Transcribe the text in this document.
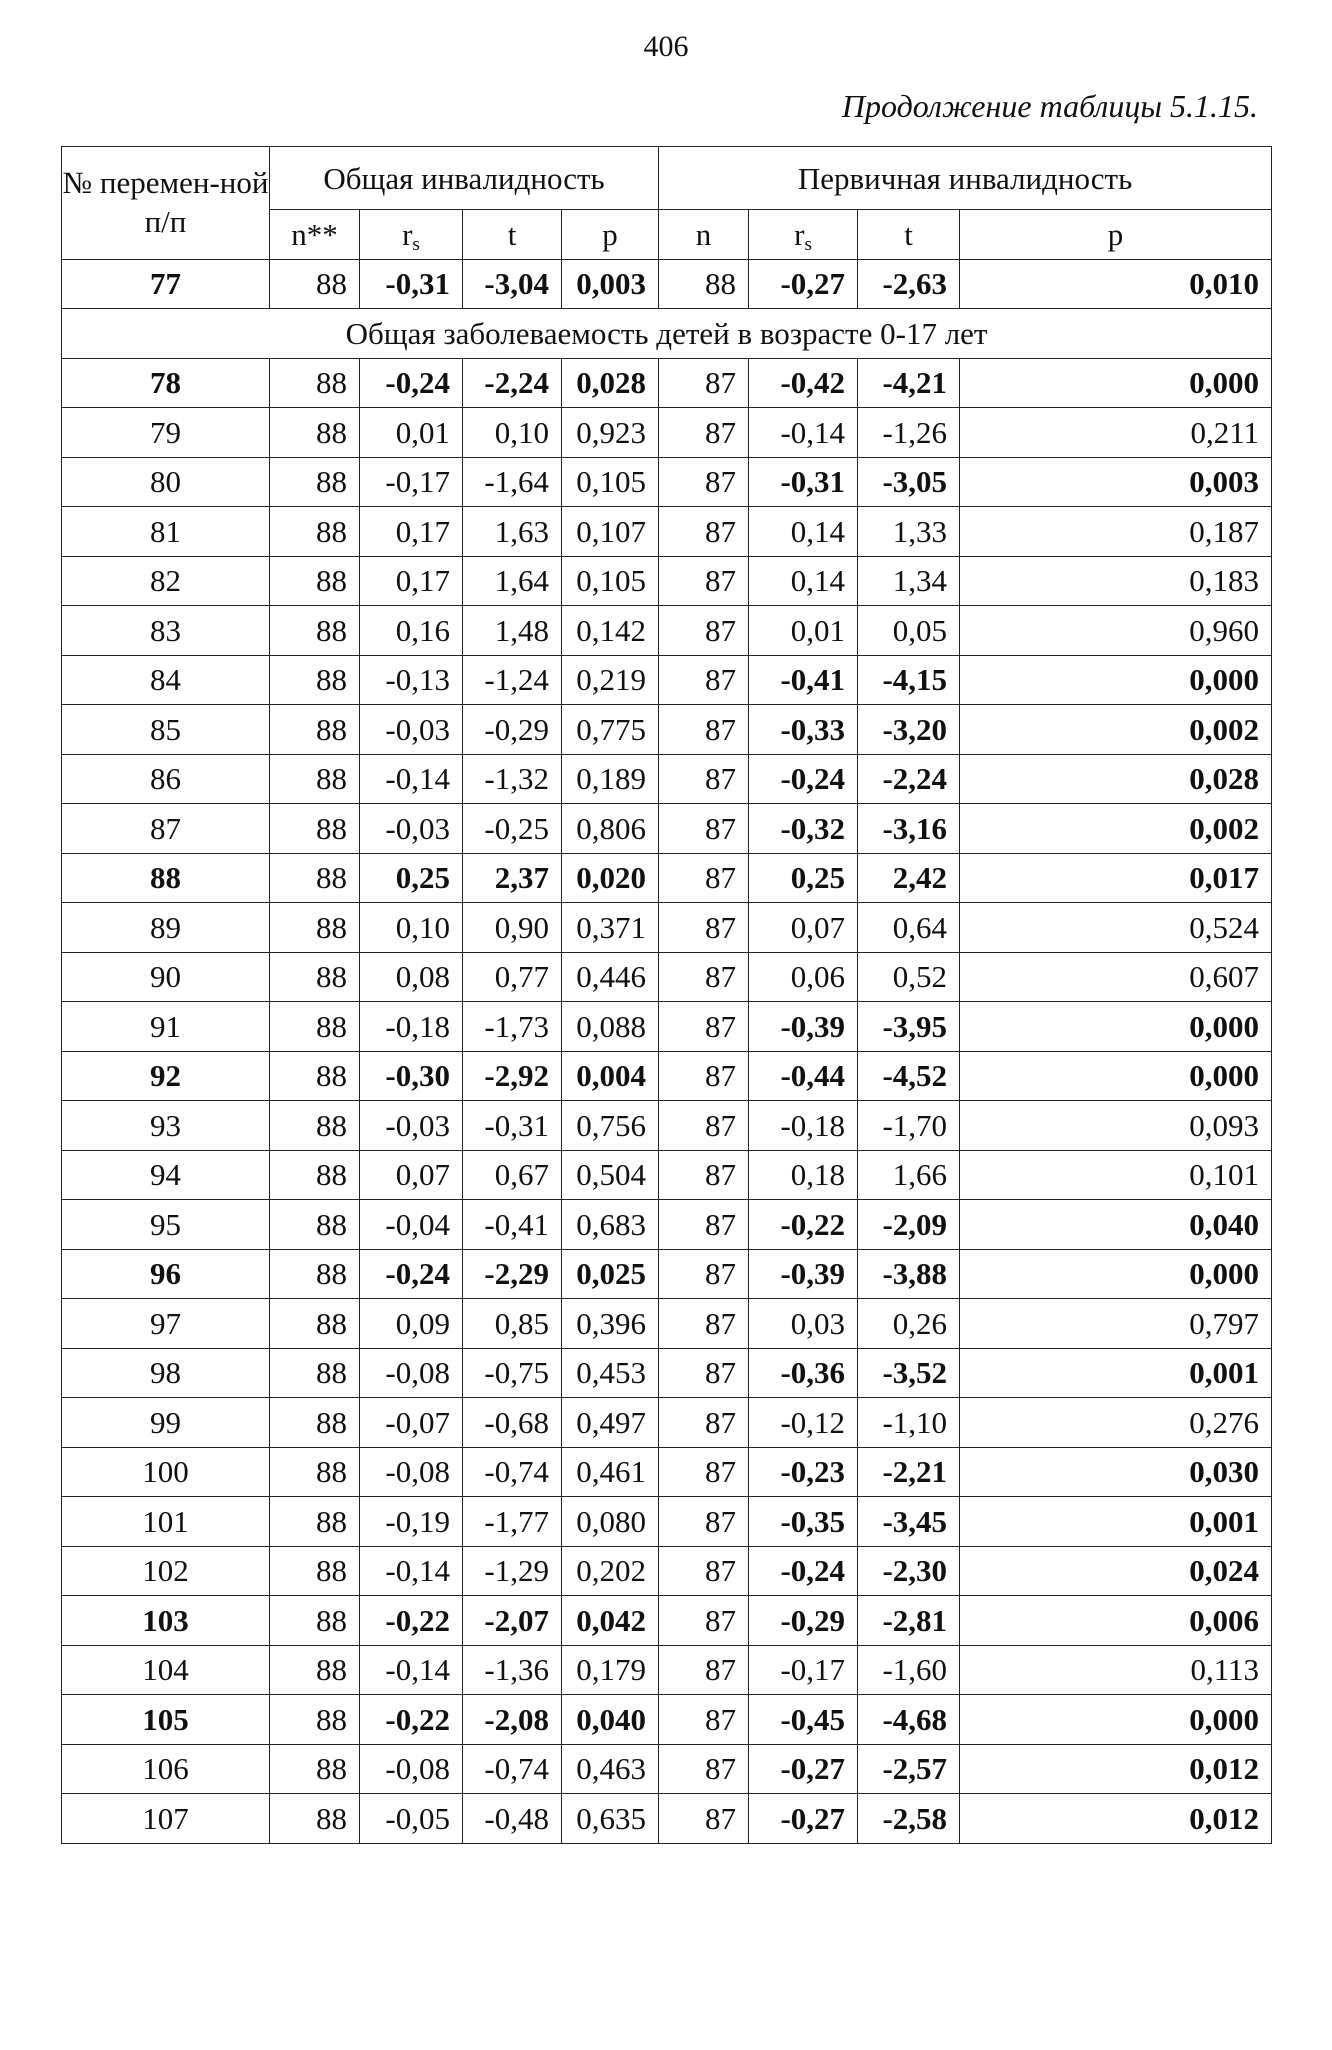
406
Продолжение таблицы 5.1.15.
№ перемен-ной п/п	Общая инвалидность				Первичная инвалидность			
	n**	$r_s$	t	p	n	$r_s$	t	p
77	88	-0,31	-3,04	0,003	88	-0,27	-2,63	0,010
Общая заболеваемость детей в возрасте 0-17 лет								
78	88	-0,24	-2,24	0,028	87	-0,42	-4,21	0,000
79	88	0,01	0,10	0,923	87	-0,14	-1,26	0,211
80	88	-0,17	-1,64	0,105	87	-0,31	-3,05	0,003
81	88	0,17	1,63	0,107	87	0,14	1,33	0,187
82	88	0,17	1,64	0,105	87	0,14	1,34	0,183
83	88	0,16	1,48	0,142	87	0,01	0,05	0,960
84	88	-0,13	-1,24	0,219	87	-0,41	-4,15	0,000
85	88	-0,03	-0,29	0,775	87	-0,33	-3,20	0,002
86	88	-0,14	-1,32	0,189	87	-0,24	-2,24	0,028
87	88	-0,03	-0,25	0,806	87	-0,32	-3,16	0,002
88	88	0,25	2,37	0,020	87	0,25	2,42	0,017
89	88	0,10	0,90	0,371	87	0,07	0,64	0,524
90	88	0,08	0,77	0,446	87	0,06	0,52	0,607
91	88	-0,18	-1,73	0,088	87	-0,39	-3,95	0,000
92	88	-0,30	-2,92	0,004	87	-0,44	-4,52	0,000
93	88	-0,03	-0,31	0,756	87	-0,18	-1,70	0,093
94	88	0,07	0,67	0,504	87	0,18	1,66	0,101
95	88	-0,04	-0,41	0,683	87	-0,22	-2,09	0,040
96	88	-0,24	-2,29	0,025	87	-0,39	-3,88	0,000
97	88	0,09	0,85	0,396	87	0,03	0,26	0,797
98	88	-0,08	-0,75	0,453	87	-0,36	-3,52	0,001
99	88	-0,07	-0,68	0,497	87	-0,12	-1,10	0,276
100	88	-0,08	-0,74	0,461	87	-0,23	-2,21	0,030
101	88	-0,19	-1,77	0,080	87	-0,35	-3,45	0,001
102	88	-0,14	-1,29	0,202	87	-0,24	-2,30	0,024
103	88	-0,22	-2,07	0,042	87	-0,29	-2,81	0,006
104	88	-0,14	-1,36	0,179	87	-0,17	-1,60	0,113
105	88	-0,22	-2,08	0,040	87	-0,45	-4,68	0,000
106	88	-0,08	-0,74	0,463	87	-0,27	-2,57	0,012
107	88	-0,05	-0,48	0,635	87	-0,27	-2,58	0,012
